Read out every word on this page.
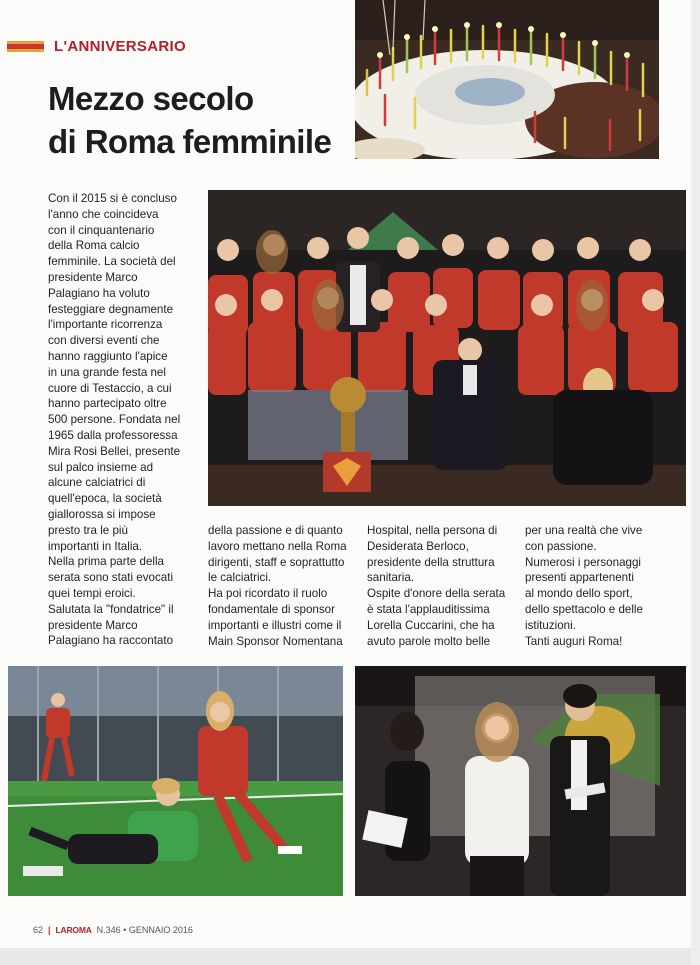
L'ANNIVERSARIO
Mezzo secolo
di Roma femminile

Con il 2015 si è concluso

l'anno che coincideva

con il cinquantenario

della Roma calcio

femminile. La società del

presidente Marco

Palagiano ha voluto

festeggiare degnamente

l'importante ricorrenza

con diversi eventi che

hanno raggiunto l'apice

in una grande festa nel

cuore di Testaccio, a cui

hanno partecipato oltre

500 persone. Fondata nel

1965 dalla professoressa

Mira Rosi Bellei, presente

sul palco insieme ad

alcune calciatrici di

quell'epoca, la società

giallorossa si impose

presto tra le più

importanti in Italia.

Nella prima parte della

serata sono stati evocati

quei tempi eroici.

Salutata la "fondatrice" il

presidente Marco

Palagiano ha raccontato

della passione e di quanto

lavoro mettano nella Roma

dirigenti, staff e soprattutto

le calciatrici.

Ha poi ricordato il ruolo

fondamentale di sponsor

importanti e illustri come il

Main Sponsor Nomentana

Hospital, nella persona di

Desiderata Berloco,

presidente della struttura

sanitaria.

Ospite d'onore della serata

è stata l'applauditissima

Lorella Cuccarini, che ha

avuto parole molto belle

per una realtà che vive

con passione.

Numerosi i personaggi

presenti appartenenti

al mondo dello sport,

dello spettacolo e delle

istituzioni.

Tanti auguri Roma!

62 | LAROMA N.346 • GENNAIO 2016
